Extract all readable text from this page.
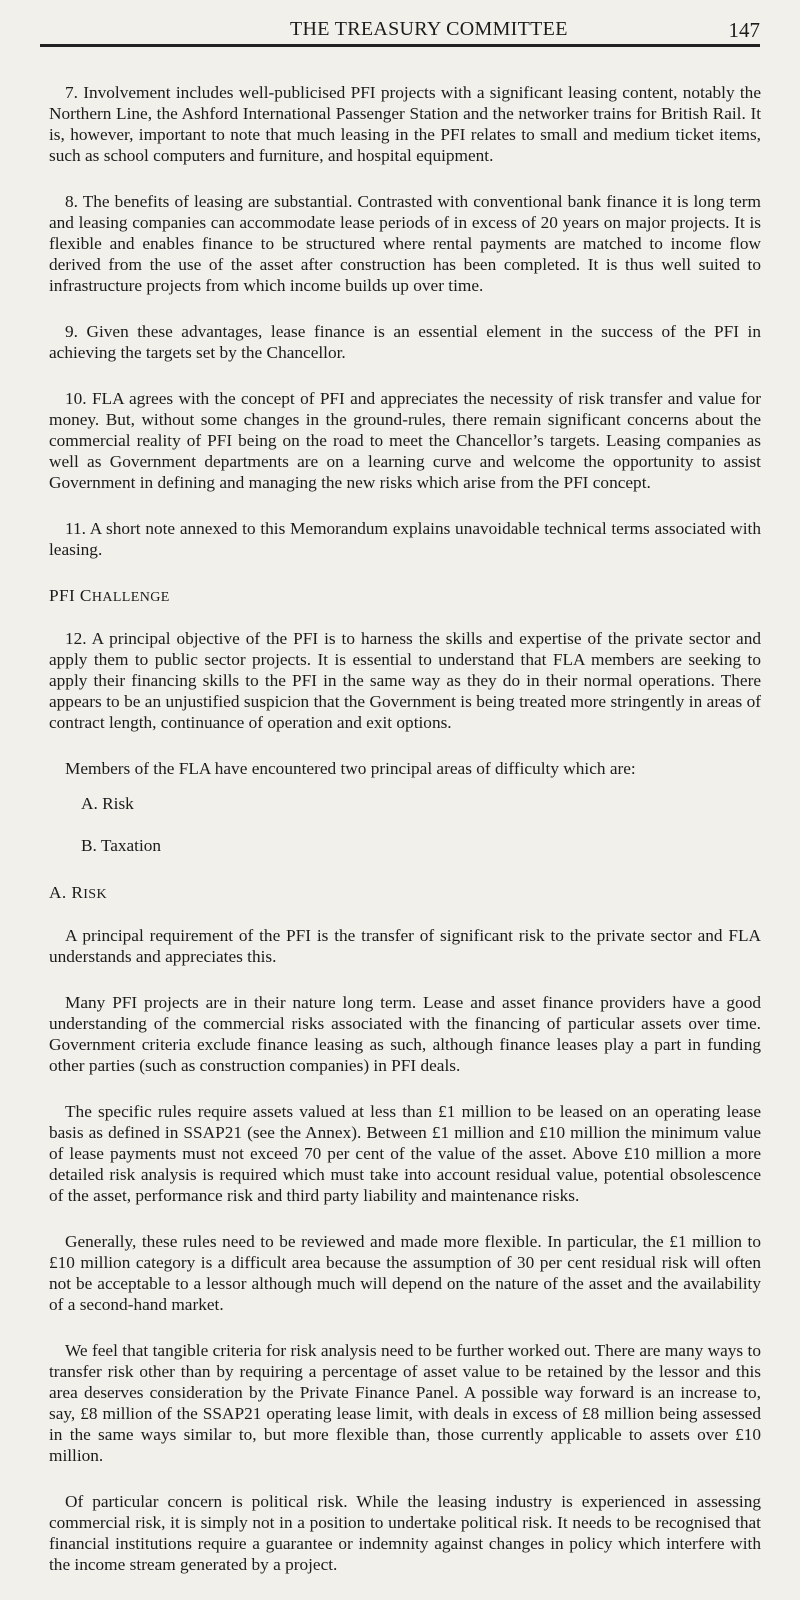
THE TREASURY COMMITTEE	147

7. Involvement includes well-publicised PFI projects with a significant leasing content, notably the Northern Line, the Ashford International Passenger Station and the networker trains for British Rail. It is, however, important to note that much leasing in the PFI relates to small and medium ticket items, such as school computers and furniture, and hospital equipment.

8. The benefits of leasing are substantial. Contrasted with conventional bank finance it is long term and leasing companies can accommodate lease periods of in excess of 20 years on major projects. It is flexible and enables finance to be structured where rental payments are matched to income flow derived from the use of the asset after construction has been completed. It is thus well suited to infrastructure projects from which income builds up over time.

9. Given these advantages, lease finance is an essential element in the success of the PFI in achieving the targets set by the Chancellor.

10. FLA agrees with the concept of PFI and appreciates the necessity of risk transfer and value for money. But, without some changes in the ground-rules, there remain significant concerns about the commercial reality of PFI being on the road to meet the Chancellor’s targets. Leasing companies as well as Government departments are on a learning curve and welcome the opportunity to assist Government in defining and managing the new risks which arise from the PFI concept.

11. A short note annexed to this Memorandum explains unavoidable technical terms associated with leasing.

PFI CHALLENGE

12. A principal objective of the PFI is to harness the skills and expertise of the private sector and apply them to public sector projects. It is essential to understand that FLA members are seeking to apply their financing skills to the PFI in the same way as they do in their normal operations. There appears to be an unjustified suspicion that the Government is being treated more stringently in areas of contract length, continuance of operation and exit options.

Members of the FLA have encountered two principal areas of difficulty which are:

A. Risk
B. Taxation
A. RISK

A principal requirement of the PFI is the transfer of significant risk to the private sector and FLA understands and appreciates this.

Many PFI projects are in their nature long term. Lease and asset finance providers have a good understanding of the commercial risks associated with the financing of particular assets over time. Government criteria exclude finance leasing as such, although finance leases play a part in funding other parties (such as construction companies) in PFI deals.

The specific rules require assets valued at less than £1 million to be leased on an operating lease basis as defined in SSAP21 (see the Annex). Between £1 million and £10 million the minimum value of lease payments must not exceed 70 per cent of the value of the asset. Above £10 million a more detailed risk analysis is required which must take into account residual value, potential obsolescence of the asset, performance risk and third party liability and maintenance risks.

Generally, these rules need to be reviewed and made more flexible. In particular, the £1 million to £10 million category is a difficult area because the assumption of 30 per cent residual risk will often not be acceptable to a lessor although much will depend on the nature of the asset and the availability of a second-hand market.

We feel that tangible criteria for risk analysis need to be further worked out. There are many ways to transfer risk other than by requiring a percentage of asset value to be retained by the lessor and this area deserves consideration by the Private Finance Panel. A possible way forward is an increase to, say, £8 million of the SSAP21 operating lease limit, with deals in excess of £8 million being assessed in the same ways similar to, but more flexible than, those currently applicable to assets over £10 million.

Of particular concern is political risk. While the leasing industry is experienced in assessing commercial risk, it is simply not in a position to undertake political risk. It needs to be recognised that financial institutions require a guarantee or indemnity against changes in policy which interfere with the income stream generated by a project.
